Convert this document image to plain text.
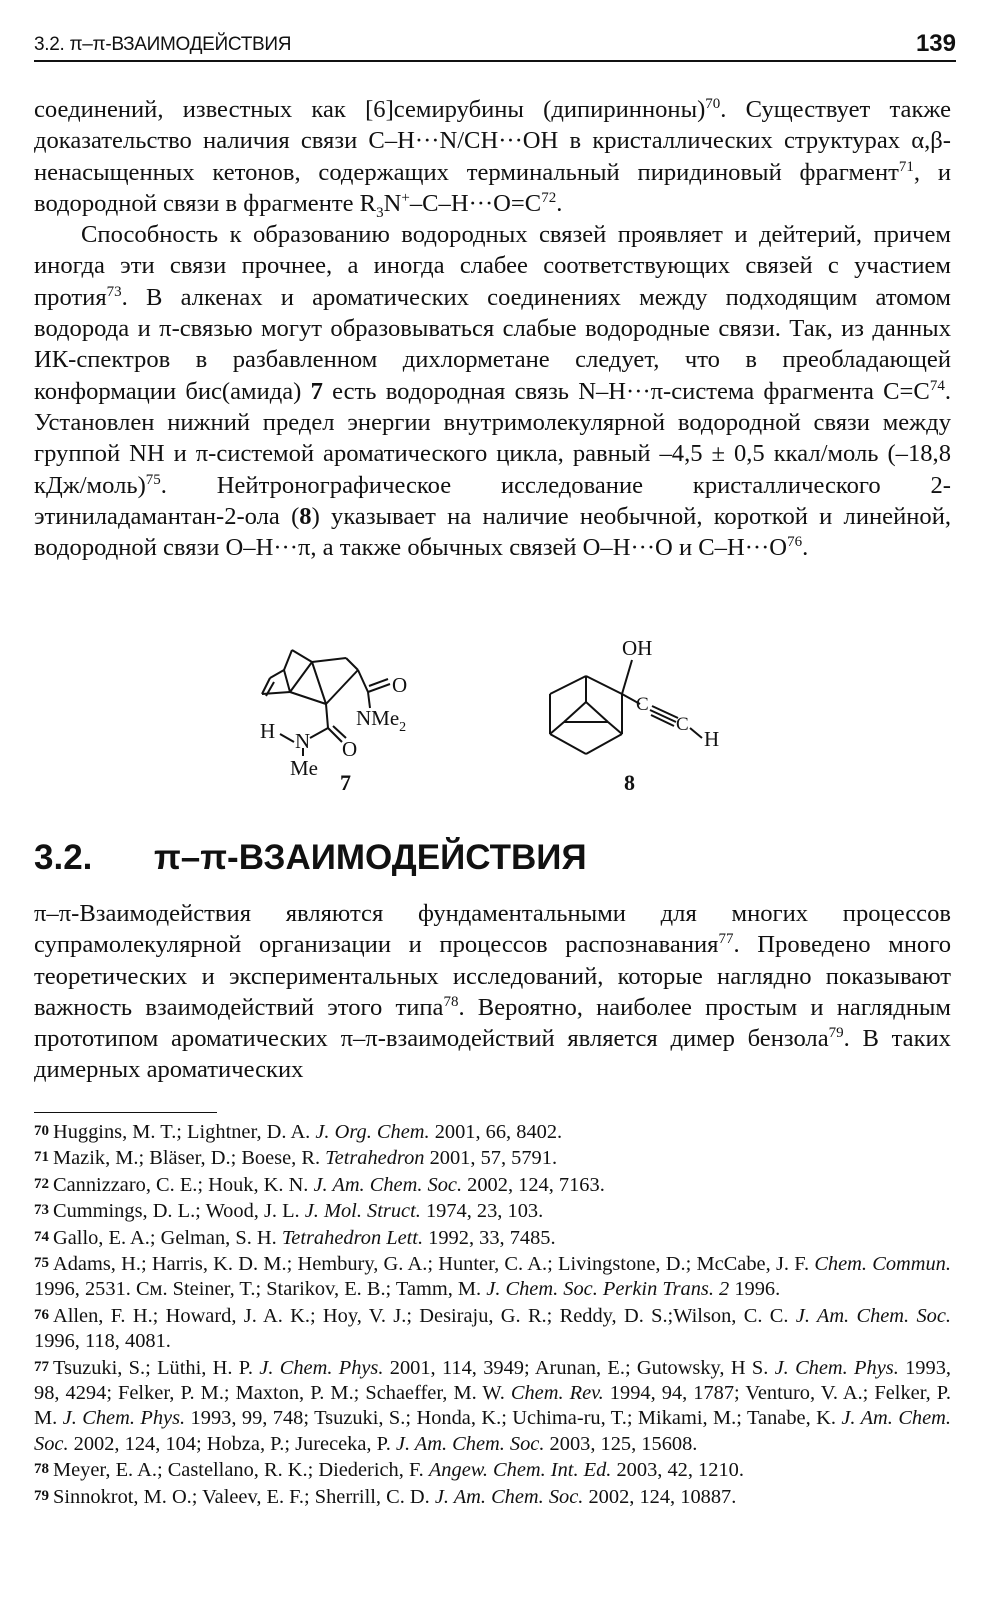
3.2. π–π-ВЗАИМОДЕЙСТВИЯ	139

соединений, известных как [6]семирубины (дипиринноны)$^{70}$. Существует также доказательство наличия связи C–H···N/CH···OH в кристаллических структурах α,β-ненасыщенных кетонов, содержащих терминальный пиридиновый фрагмент$^{71}$, и водородной связи в фрагменте $R_3N^+-C-H\cdot\cdot\cdot O=C^{72}$.

Способность к образованию водородных связей проявляет и дейтерий, причем иногда эти связи прочнее, а иногда слабее соответствующих связей с участием протия$^{73}$. В алкенах и ароматических соединениях между подходящим атомом водорода и π-связью могут образовываться слабые водородные связи. Так, из данных ИК-спектров в разбавленном дихлорметане следует, что в преобладающей конформации бис(амида) 7 есть водородная связь N–H···π-система фрагмента $C=C^{74}$. Установлен нижний предел энергии внутримолекулярной водородной связи между группой NH и π-системой ароматического цикла, равный –4,5 ± 0,5 ккал/моль (–18,8 кДж/моль)$^{75}$. Нейтронографическое исследование кристаллического 2-этиниладамантан-2-ола (8) указывает на наличие необычной, короткой и линейной, водородной связи O–H···π, а также обычных связей O–H···O и $C-H\cdot\cdot\cdot O^{76}$.

O
NMe$_2$
O
H N
Me
7
OH
C
C
H
8
3.2. π–π-ВЗАИМОДЕЙСТВИЯ

π–π-Взаимодействия являются фундаментальными для многих процессов супрамолекулярной организации и процессов распознавания$^{77}$. Проведено много теоретических и экспериментальных исследований, которые наглядно показывают важность взаимодействий этого типа$^{78}$. Вероятно, наиболее простым и наглядным прототипом ароматических π–π-взаимодействий является димер бензола$^{79}$. В таких димерных ароматических

70 Huggins, M. T.; Lightner, D. A. J. Org. Chem. 2001, 66, 8402.

71 Mazik, M.; Bläser, D.; Boese, R. Tetrahedron 2001, 57, 5791.

72 Cannizzaro, C. E.; Houk, K. N. J. Am. Chem. Soc. 2002, 124, 7163.

73 Cummings, D. L.; Wood, J. L. J. Mol. Struct. 1974, 23, 103.

74 Gallo, E. A.; Gelman, S. H. Tetrahedron Lett. 1992, 33, 7485.

75 Adams, H.; Harris, K. D. M.; Hembury, G. A.; Hunter, C. A.; Livingstone, D.; McCabe, J. F. Chem. Commun. 1996, 2531. См. Steiner, T.; Starikov, E. B.; Tamm, M. J. Chem. Soc. Perkin Trans. 2 1996.

76 Allen, F. H.; Howard, J. A. K.; Hoy, V. J.; Desiraju, G. R.; Reddy, D. S.;Wilson, C. C. J. Am. Chem. Soc. 1996, 118, 4081.

77 Tsuzuki, S.; Lüthi, H. P. J. Chem. Phys. 2001, 114, 3949; Arunan, E.; Gutowsky, H S. J. Chem. Phys. 1993, 98, 4294; Felker, P. M.; Maxton, P. M.; Schaeffer, M. W. Chem. Rev. 1994, 94, 1787; Venturo, V. A.; Felker, P. M. J. Chem. Phys. 1993, 99, 748; Tsuzuki, S.; Honda, K.; Uchima-ru, T.; Mikami, M.; Tanabe, K. J. Am. Chem. Soc. 2002, 124, 104; Hobza, P.; Jureceka, P. J. Am. Chem. Soc. 2003, 125, 15608.

78 Meyer, E. A.; Castellano, R. K.; Diederich, F. Angew. Chem. Int. Ed. 2003, 42, 1210.

79 Sinnokrot, M. O.; Valeev, E. F.; Sherrill, C. D. J. Am. Chem. Soc. 2002, 124, 10887.
